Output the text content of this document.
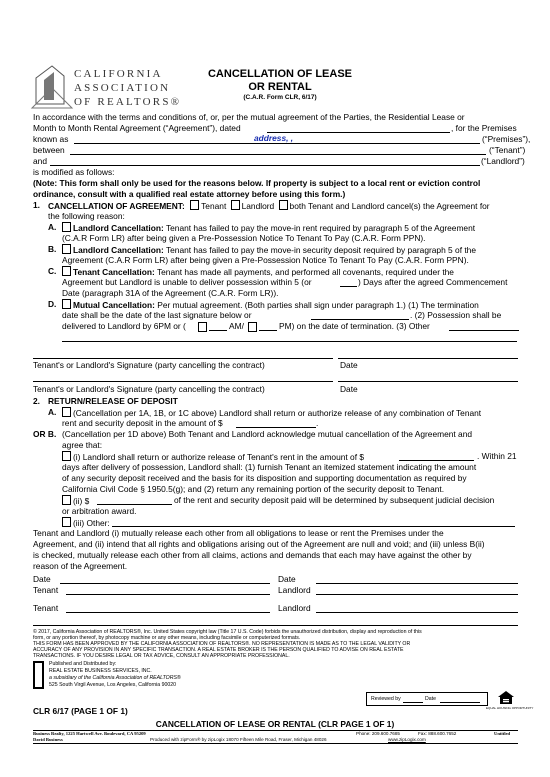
CALIFORNIA
ASSOCIATION
OF REALTORS®
CANCELLATION OF LEASE
OR RENTAL
(C.A.R. Form CLR, 6/17)
In accordance with the terms and conditions of, or, per the mutual agreement of the Parties, the Residential Lease or
Month to Month Rental Agreement (“Agreement”), dated	, for the Premises
known as	address, ,	(“Premises”),
between	(“Tenant”)
and	(“Landlord”)
is modified as follows:
(Note: This form shall only be used for the reasons below. If property is subject to a local rent or eviction control
ordinance, consult with a qualified real estate attorney before using this form.)
1. CANCELLATION OF AGREEMENT: Tenant Landlord both Tenant and Landlord cancel(s) the Agreement for
the following reason:
A.	Landlord Cancellation: Tenant has failed to pay the move-in rent required by paragraph 5 of the Agreement
(C.A.R Form LR) after being given a Pre-Possession Notice To Tenant To Pay (C.A.R. Form PPN).
B.	Landlord Cancellation: Tenant has failed to pay the move-in security deposit required by paragraph 5 of the
Agreement (C.A.R Form LR) after being given a Pre-Possession Notice To Tenant To Pay (C.A.R. Form PPN).
C.	Tenant Cancellation: Tenant has made all payments, and performed all covenants, required under the
Agreement but Landlord is unable to deliver possession within 5 (or	) Days after the agreed Commencement
Date (paragraph 31A of the Agreement (C.A.R. Form LR)).
D.	Mutual Cancellation: Per mutual agreement. (Both parties shall sign under paragraph 1.) (1) The termination
date shall be the date of the last signature below or	. (2) Possession shall be
delivered to Landlord by 6PM or (	AM/	PM) on the date of termination. (3) Other
Tenant's or Landlord's Signature (party cancelling the contract)	Date
Tenant's or Landlord's Signature (party cancelling the contract)	Date
2. RETURN/RELEASE OF DEPOSIT
A.	(Cancellation per 1A, 1B, or 1C above) Landlord shall return or authorize release of any combination of Tenant
rent and security deposit in the amount of $	.
OR B. (Cancellation per 1D above) Both Tenant and Landlord acknowledge mutual cancellation of the Agreement and
agree that:
(i) Landlord shall return or authorize release of Tenant's rent in the amount of $	. Within 21
days after delivery of possession, Landlord shall: (1) furnish Tenant an itemized statement indicating the amount
of any security deposit received and the basis for its disposition and supporting documentation as required by
California Civil Code § 1950.5(g); and (2) return any remaining portion of the security deposit to Tenant.
(ii) $	of the rent and security deposit paid will be determined by subsequent judicial decision
or arbitration award.
(iii) Other:
Tenant and Landlord (i) mutually release each other from all obligations to lease or rent the Premises under the
Agreement, and (ii) intend that all rights and obligations arising out of the Agreement are null and void; and (iii) unless B(ii)
is checked, mutually release each other from all claims, actions and demands that each may have against the other by
reason of the Agreement.
Date	Date
Tenant	Landlord
Tenant	Landlord
© 2017, California Association of REALTORS®, Inc. United States copyright law (Title 17 U.S. Code) forbids the unauthorized distribution, display and reproduction of this
form, or any portion thereof, by photocopy machine or any other means, including facsimile or computerized formats.
THIS FORM HAS BEEN APPROVED BY THE CALIFORNIA ASSOCIATION OF REALTORS®. NO REPRESENTATION IS MADE AS TO THE LEGAL VALIDITY OR
ACCURACY OF ANY PROVISION IN ANY SPECIFIC TRANSACTION. A REAL ESTATE BROKER IS THE PERSON QUALIFIED TO ADVISE ON REAL ESTATE
TRANSACTIONS. IF YOU DESIRE LEGAL OR TAX ADVICE, CONSULT AN APPROPRIATE PROFESSIONAL.
Published and Distributed by:
REAL ESTATE BUSINESS SERVICES, INC.
a subsidiary of the California Association of REALTORS®
525 South Virgil Avenue, Los Angeles, California 90020
Reviewed by	Date
EQUAL HOUSING OPPORTUNITY
CLR 6/17 (PAGE 1 OF 1)
CANCELLATION OF LEASE OR RENTAL (CLR PAGE 1 OF 1)
Business Realty, 1225 Hartwell Ave. Boulevard, CA 95209	Phone: 209.600.7685	Fax: 888.600.7652	Untitled
David Business	Produced with zipForm® by zipLogix 18070 Fifteen Mile Road, Fraser, Michigan 48026	www.zipLogix.com
